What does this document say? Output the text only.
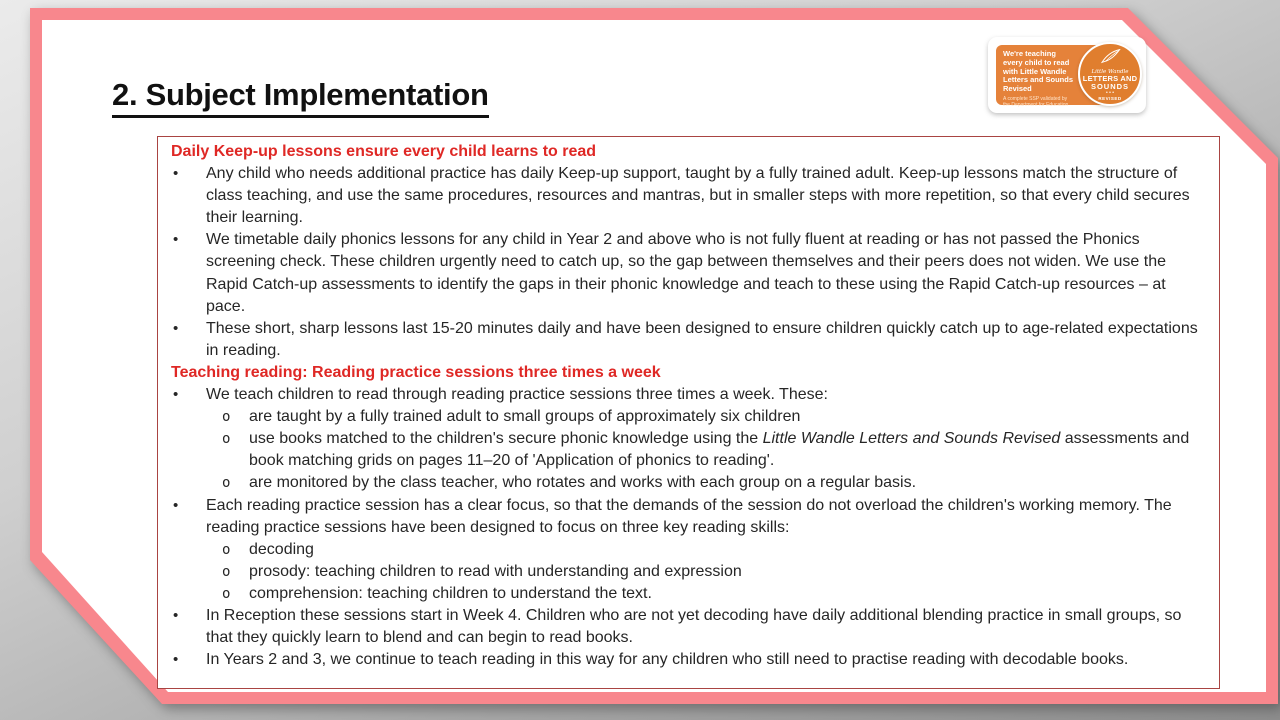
2. Subject Implementation
We're teaching every child to read with Little Wandle Letters and Sounds Revised
A complete SSP validated by the Department for Education
Little Wandle
LETTERS AND
SOUNDS
• • •
REVISED
Daily Keep-up lessons ensure every child learns to read
• Any child who needs additional practice has daily Keep-up support, taught by a fully trained adult. Keep-up lessons match the structure of class teaching, and use the same procedures, resources and mantras, but in smaller steps with more repetition, so that every child secures their learning.
• We timetable daily phonics lessons for any child in Year 2 and above who is not fully fluent at reading or has not passed the Phonics screening check. These children urgently need to catch up, so the gap between themselves and their peers does not widen. We use the Rapid Catch-up assessments to identify the gaps in their phonic knowledge and teach to these using the Rapid Catch-up resources – at pace.
• These short, sharp lessons last 15-20 minutes daily and have been designed to ensure children quickly catch up to age-related expectations in reading.
Teaching reading: Reading practice sessions three times a week
• We teach children to read through reading practice sessions three times a week. These:
o are taught by a fully trained adult to small groups of approximately six children
o use books matched to the children's secure phonic knowledge using the Little Wandle Letters and Sounds Revised assessments and book matching grids on pages 11–20 of 'Application of phonics to reading'.
o are monitored by the class teacher, who rotates and works with each group on a regular basis.
• Each reading practice session has a clear focus, so that the demands of the session do not overload the children's working memory. The reading practice sessions have been designed to focus on three key reading skills:
o decoding
o prosody: teaching children to read with understanding and expression
o comprehension: teaching children to understand the text.
• In Reception these sessions start in Week 4. Children who are not yet decoding have daily additional blending practice in small groups, so that they quickly learn to blend and can begin to read books.
• In Years 2 and 3, we continue to teach reading in this way for any children who still need to practise reading with decodable books.
